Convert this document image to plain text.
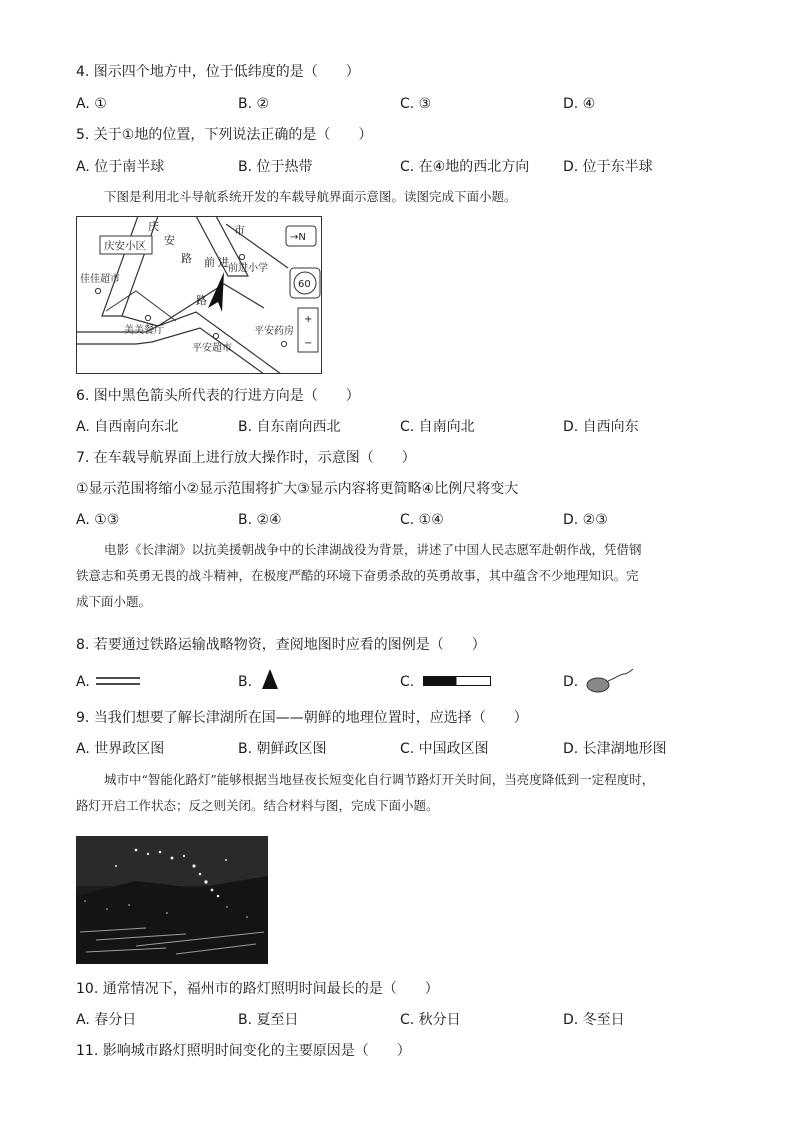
4. 图示四个地方中，位于低纬度的是（　　）
A. ①	B. ②	C. ③	D. ④
5. 关于①地的位置，下列说法正确的是（　　）
A. 位于南半球	B. 位于热带	C. 在④地的西北方向 D. 位于东半球

下图是利用北斗导航系统开发的车载导航界面示意图。读图完成下面小题。

庆
安
路
市
前 进
路
庆安小区
→N
60
+
−
佳佳超市
前进小学
美美餐厅
平安超市
平安药房
6. 图中黑色箭头所代表的行进方向是（　　）
A. 自西南向东北	B. 自东南向西北	C. 自南向北	D. 自西向东
7. 在车载导航界面上进行放大操作时，示意图（　　）
①显示范围将缩小②显示范围将扩大③显示内容将更简略④比例尺将变大
A. ①③	B. ②④	C. ①④	D. ②③

电影《长津湖》以抗美援朝战争中的长津湖战役为背景，讲述了中国人民志愿军赴朝作战，凭借钢

铁意志和英勇无畏的战斗精神，在极度严酷的环境下奋勇杀敌的英勇故事，其中蕴含不少地理知识。完

成下面小题。

8. 若要通过铁路运输战略物资，查阅地图时应看的图例是（　　）
A.	B.	C.	D.
9. 当我们想要了解长津湖所在国——朝鲜的地理位置时，应选择（　　）
A. 世界政区图	B. 朝鲜政区图	C. 中国政区图	D. 长津湖地形图

城市中“智能化路灯”能够根据当地昼夜长短变化自行调节路灯开关时间，当亮度降低到一定程度时，

路灯开启工作状态；反之则关闭。结合材料与图，完成下面小题。

10. 通常情况下，福州市的路灯照明时间最长的是（　　）
A. 春分日	B. 夏至日	C. 秋分日	D. 冬至日
11. 影响城市路灯照明时间变化的主要原因是（　　）
